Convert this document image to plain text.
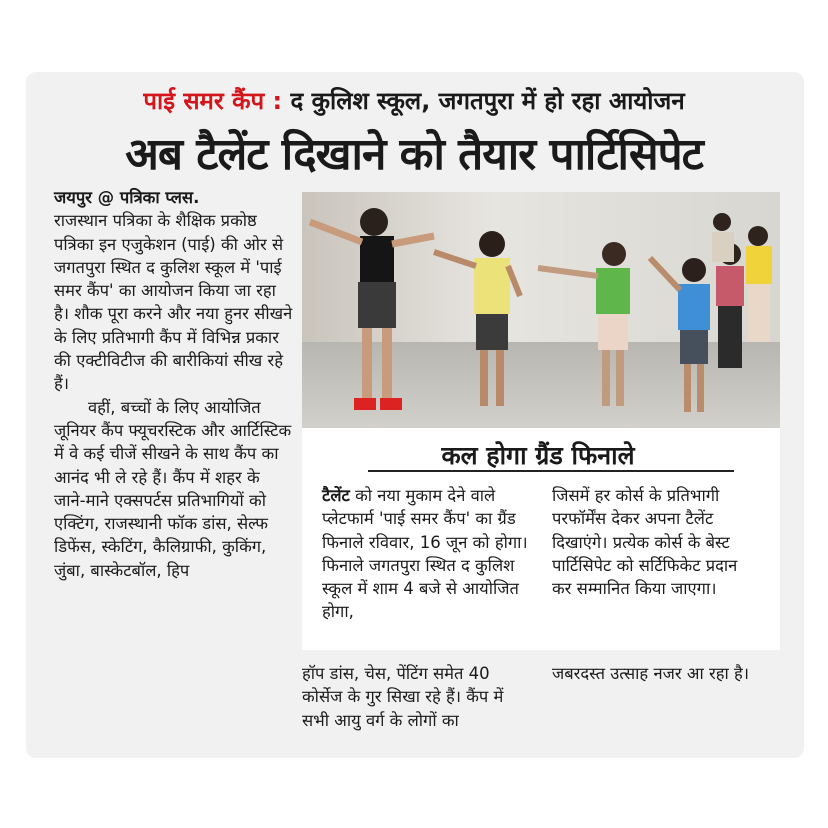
पाई समर कैंप : द कुलिश स्कूल, जगतपुरा में हो रहा आयोजन
अब टैलेंट दिखाने को तैयार पार्टिसिपेट

जयपुर @ पत्रिका प्लस.

राजस्थान पत्रिका के शैक्षिक प्रकोष्ठ पत्रिका इन एजुकेशन (पाई) की ओर से जगतपुरा स्थित द कुलिश स्कूल में 'पाई समर कैंप' का आयोजन किया जा रहा है। शौक पूरा करने और नया हुनर सीखने के लिए प्रतिभागी कैंप में विभिन्न प्रकार की एक्टीविटीज की बारीकियां सीख रहे हैं।

वहीं, बच्चों के लिए आयोजित जूनियर कैंप फ्यूचरस्टिक और आर्टिस्टिक में वे कई चीजें सीखने के साथ कैंप का आनंद भी ले रहे हैं। कैंप में शहर के जाने-माने एक्सपर्टस प्रतिभागियों को एक्टिंग, राजस्थानी फॉक डांस, सेल्फ डिफेंस, स्केटिंग, कैलिग्राफी, कुकिंग, जुंबा, बास्केटबॉल, हिप

कल होगा ग्रैंड फिनाले

टैलेंट को नया मुकाम देने वाले प्लेटफार्म 'पाई समर कैंप' का ग्रैंड फिनाले रविवार, 16 जून को होगा। फिनाले जगतपुरा स्थित द कुलिश स्कूल में शाम 4 बजे से आयोजित होगा,

जिसमें हर कोर्स के प्रतिभागी परफॉर्मेंस देकर अपना टैलेंट दिखाएंगे। प्रत्येक कोर्स के बेस्ट पार्टिसिपेट को सर्टिफिकेट प्रदान कर सम्मानित किया जाएगा।

हॉप डांस, चेस, पेंटिंग समेत 40 कोर्सेज के गुर सिखा रहे हैं। कैंप में सभी आयु वर्ग के लोगों का

जबरदस्त उत्साह नजर आ रहा है।
